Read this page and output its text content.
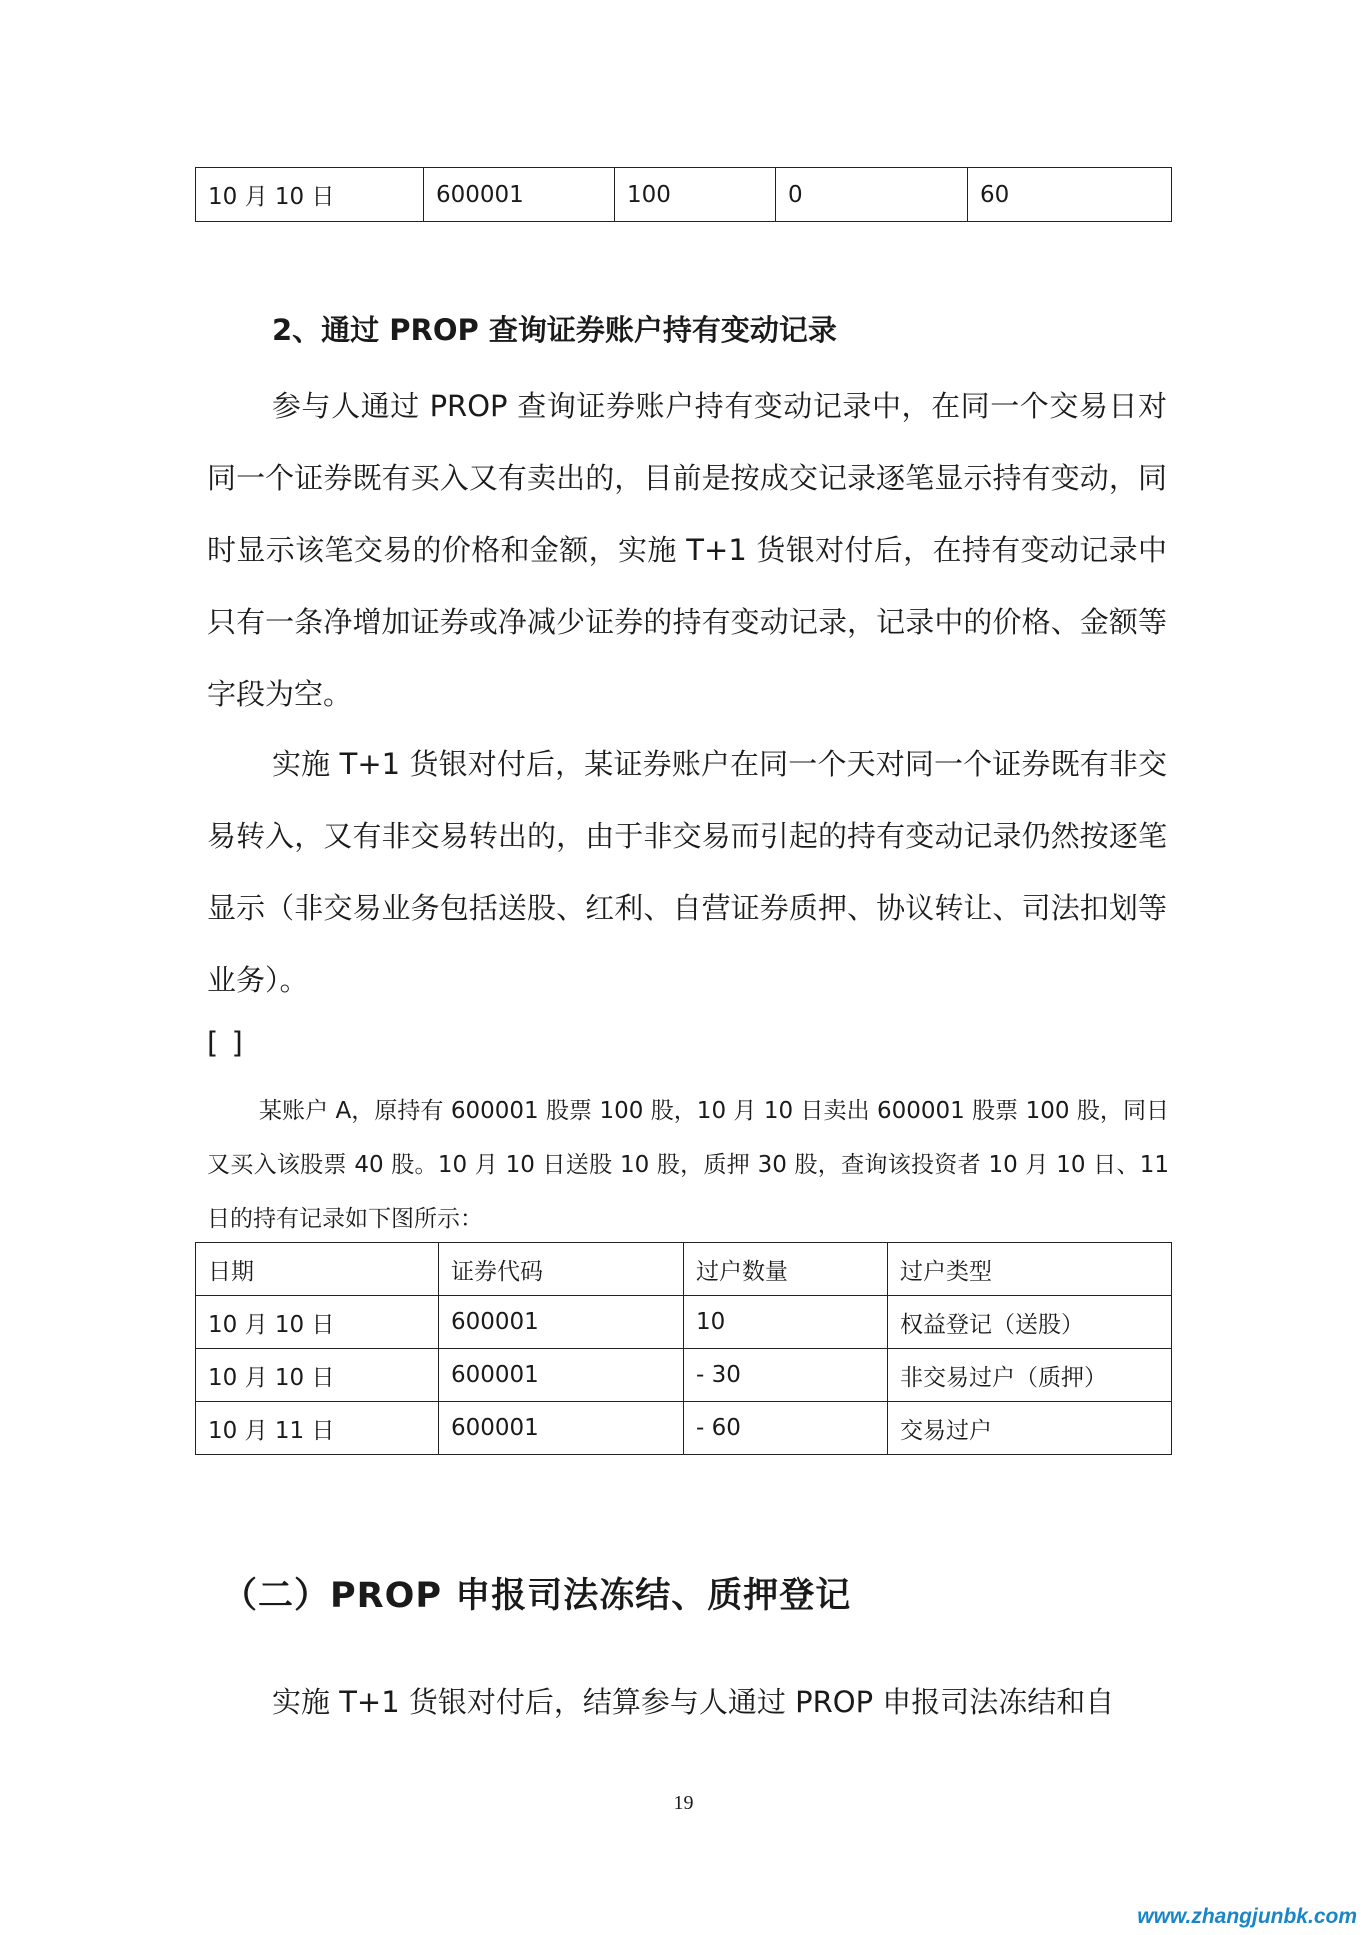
10 月 10 日	600001	100	0	60
2、通过 PROP 查询证券账户持有变动记录

参与人通过 PROP 查询证券账户持有变动记录中，在同一个交易日对同一个证券既有买入又有卖出的，目前是按成交记录逐笔显示持有变动，同时显示该笔交易的价格和金额，实施 T+1 货银对付后，在持有变动记录中只有一条净增加证券或净减少证券的持有变动记录，记录中的价格、金额等字段为空。

实施 T+1 货银对付后，某证券账户在同一个天对同一个证券既有非交易转入，又有非交易转出的，由于非交易而引起的持有变动记录仍然按逐笔显示（非交易业务包括送股、红利、自营证券质押、协议转让、司法扣划等业务）。

[ ]

某账户 A，原持有 600001 股票 100 股，10 月 10 日卖出 600001 股票 100 股，同日又买入该股票 40 股。10 月 10 日送股 10 股，质押 30 股，查询该投资者 10 月 10 日、11 日的持有记录如下图所示：

日期	证券代码	过户数量	过户类型
10 月 10 日	600001	10	权益登记（送股）
10 月 10 日	600001	- 30	非交易过户（质押）
10 月 11 日	600001	- 60	交易过户
（二）PROP 申报司法冻结、质押登记

实施 T+1 货银对付后，结算参与人通过 PROP 申报司法冻结和自

19

www.zhangjunbk.com
